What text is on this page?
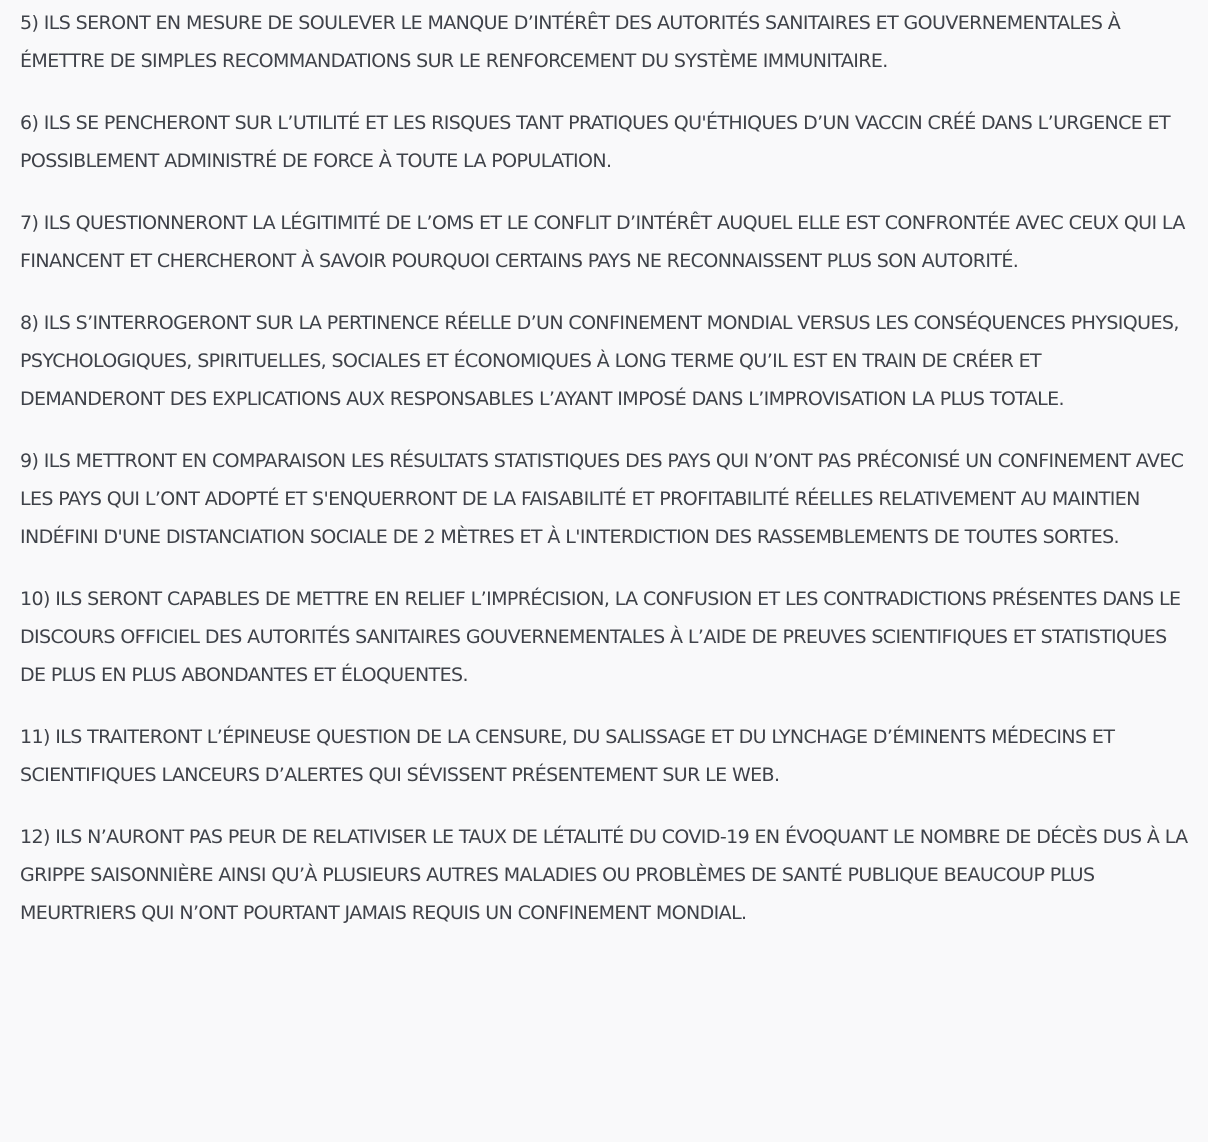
5) ILS SERONT EN MESURE DE SOULEVER LE MANQUE D’INTÉRÊT DES AUTORITÉS SANITAIRES ET GOUVERNEMENTALES À ÉMETTRE DE SIMPLES RECOMMANDATIONS SUR LE RENFORCEMENT DU SYSTÈME IMMUNITAIRE.

6) ILS SE PENCHERONT SUR L’UTILITÉ ET LES RISQUES TANT PRATIQUES QU'ÉTHIQUES D’UN VACCIN CRÉÉ DANS L’URGENCE ET POSSIBLEMENT ADMINISTRÉ DE FORCE À TOUTE LA POPULATION.

7) ILS QUESTIONNERONT LA LÉGITIMITÉ DE L’OMS ET LE CONFLIT D’INTÉRÊT AUQUEL ELLE EST CONFRONTÉE AVEC CEUX QUI LA FINANCENT ET CHERCHERONT À SAVOIR POURQUOI CERTAINS PAYS NE RECONNAISSENT PLUS SON AUTORITÉ.

8) ILS S’INTERROGERONT SUR LA PERTINENCE RÉELLE D’UN CONFINEMENT MONDIAL VERSUS LES CONSÉQUENCES PHYSIQUES, PSYCHOLOGIQUES, SPIRITUELLES, SOCIALES ET ÉCONOMIQUES À LONG TERME QU’IL EST EN TRAIN DE CRÉER ET DEMANDERONT DES EXPLICATIONS AUX RESPONSABLES L’AYANT IMPOSÉ DANS L’IMPROVISATION LA PLUS TOTALE.

9) ILS METTRONT EN COMPARAISON LES RÉSULTATS STATISTIQUES DES PAYS QUI N’ONT PAS PRÉCONISÉ UN CONFINEMENT AVEC LES PAYS QUI L’ONT ADOPTÉ ET S'ENQUERRONT DE LA FAISABILITÉ ET PROFITABILITÉ RÉELLES RELATIVEMENT AU MAINTIEN INDÉFINI D'UNE DISTANCIATION SOCIALE DE 2 MÈTRES ET À L'INTERDICTION DES RASSEMBLEMENTS DE TOUTES SORTES.

10) ILS SERONT CAPABLES DE METTRE EN RELIEF L’IMPRÉCISION, LA CONFUSION ET LES CONTRADICTIONS PRÉSENTES DANS LE DISCOURS OFFICIEL DES AUTORITÉS SANITAIRES GOUVERNEMENTALES À L’AIDE DE PREUVES SCIENTIFIQUES ET STATISTIQUES DE PLUS EN PLUS ABONDANTES ET ÉLOQUENTES.

11) ILS TRAITERONT L’ÉPINEUSE QUESTION DE LA CENSURE, DU SALISSAGE ET DU LYNCHAGE D’ÉMINENTS MÉDECINS ET SCIENTIFIQUES LANCEURS D’ALERTES QUI SÉVISSENT PRÉSENTEMENT SUR LE WEB.

12) ILS N’AURONT PAS PEUR DE RELATIVISER LE TAUX DE LÉTALITÉ DU COVID-19 EN ÉVOQUANT LE NOMBRE DE DÉCÈS DUS À LA GRIPPE SAISONNIÈRE AINSI QU’À PLUSIEURS AUTRES MALADIES OU PROBLÈMES DE SANTÉ PUBLIQUE BEAUCOUP PLUS MEURTRIERS QUI N’ONT POURTANT JAMAIS REQUIS UN CONFINEMENT MONDIAL.
